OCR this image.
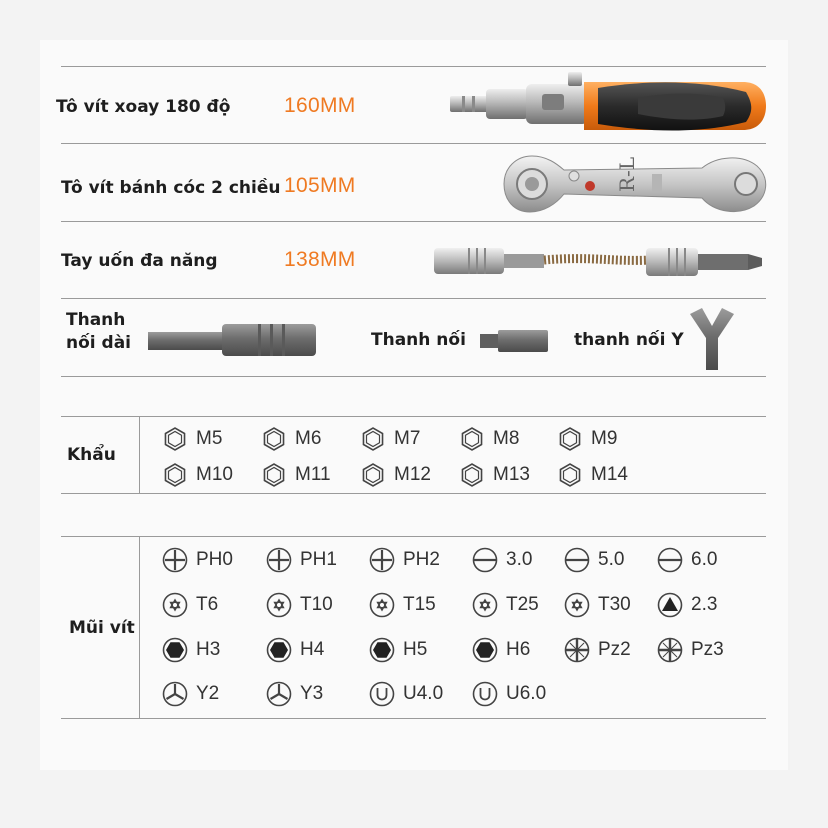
Tô vít xoay 180 độ	160MM
Tô vít bánh cóc 2 chiều 105MM	R-L
Tay uốn đa năng	138MM
Thanh
nối dài	Thanh nối	thanh nối Y
Khẩu
M5	M6	M7	M8	M9
M10	M11	M12	M13	M14
Mũi vít
PH0	PH1	PH2	3.0	5.0	6.0
T6	T10	T15	T25	T30	2.3
H3	H4	H5	H6	Pz2	Pz3
Y2	Y3	U4.0	U6.0
